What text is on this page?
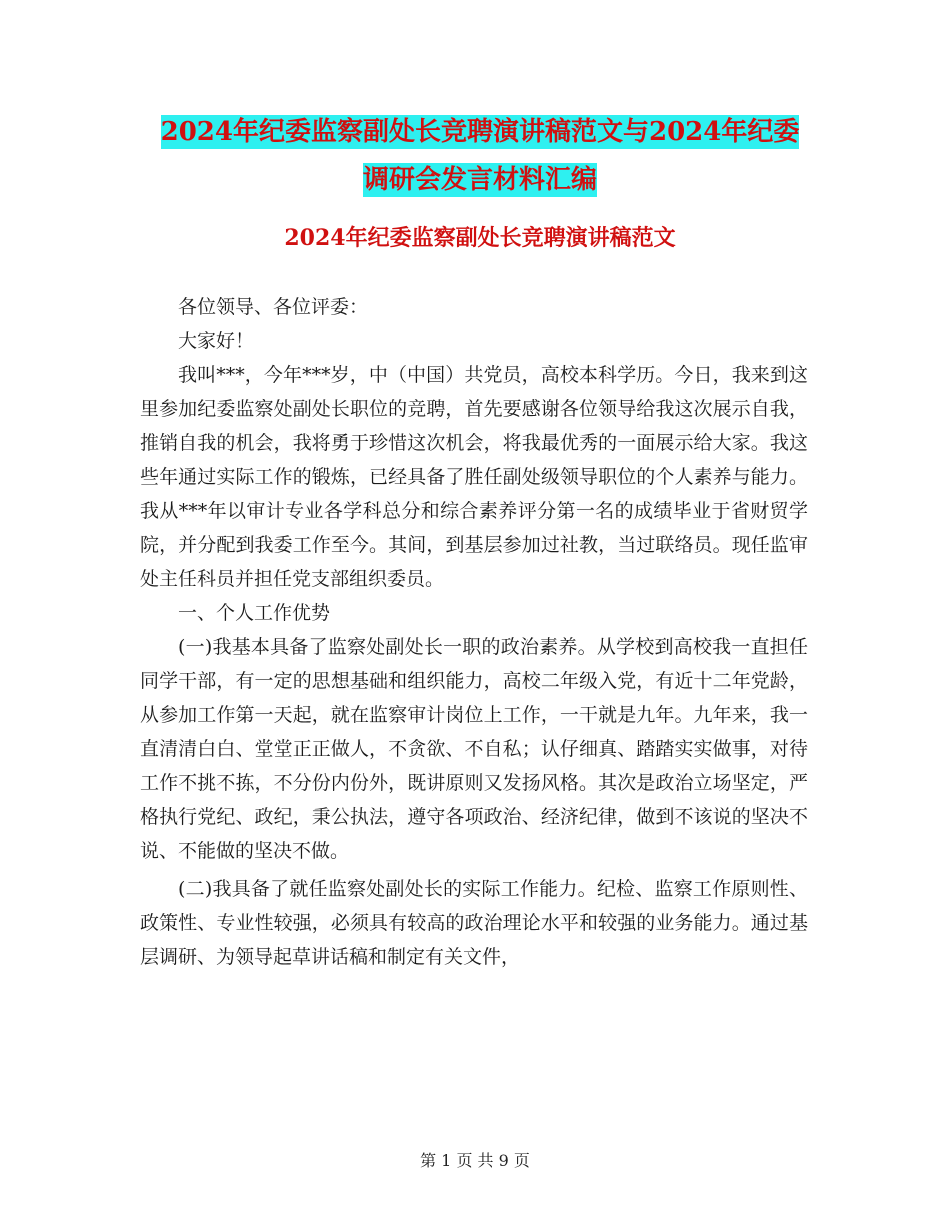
2024年纪委监察副处长竞聘演讲稿范文与2024年纪委
调研会发言材料汇编
2024年纪委监察副处长竞聘演讲稿范文

各位领导、各位评委：

大家好！

我叫***，今年***岁，中（中国）共党员，高校本科学历。今日，我来到这里参加纪委监察处副处长职位的竞聘，首先要感谢各位领导给我这次展示自我，推销自我的机会，我将勇于珍惜这次机会，将我最优秀的一面展示给大家。我这些年通过实际工作的锻炼，已经具备了胜任副处级领导职位的个人素养与能力。我从***年以审计专业各学科总分和综合素养评分第一名的成绩毕业于省财贸学院，并分配到我委工作至今。其间，到基层参加过社教，当过联络员。现任监审处主任科员并担任党支部组织委员。

一、个人工作优势

(一)我基本具备了监察处副处长一职的政治素养。从学校到高校我一直担任同学干部，有一定的思想基础和组织能力，高校二年级入党，有近十二年党龄，从参加工作第一天起，就在监察审计岗位上工作，一干就是九年。九年来，我一直清清白白、堂堂正正做人，不贪欲、不自私；认仔细真、踏踏实实做事，对待工作不挑不拣，不分份内份外，既讲原则又发扬风格。其次是政治立场坚定，严格执行党纪、政纪，秉公执法，遵守各项政治、经济纪律，做到不该说的坚决不说、不能做的坚决不做。

(二)我具备了就任监察处副处长的实际工作能力。纪检、监察工作原则性、政策性、专业性较强，必须具有较高的政治理论水平和较强的业务能力。通过基层调研、为领导起草讲话稿和制定有关文件，

第 1 页 共 9 页
